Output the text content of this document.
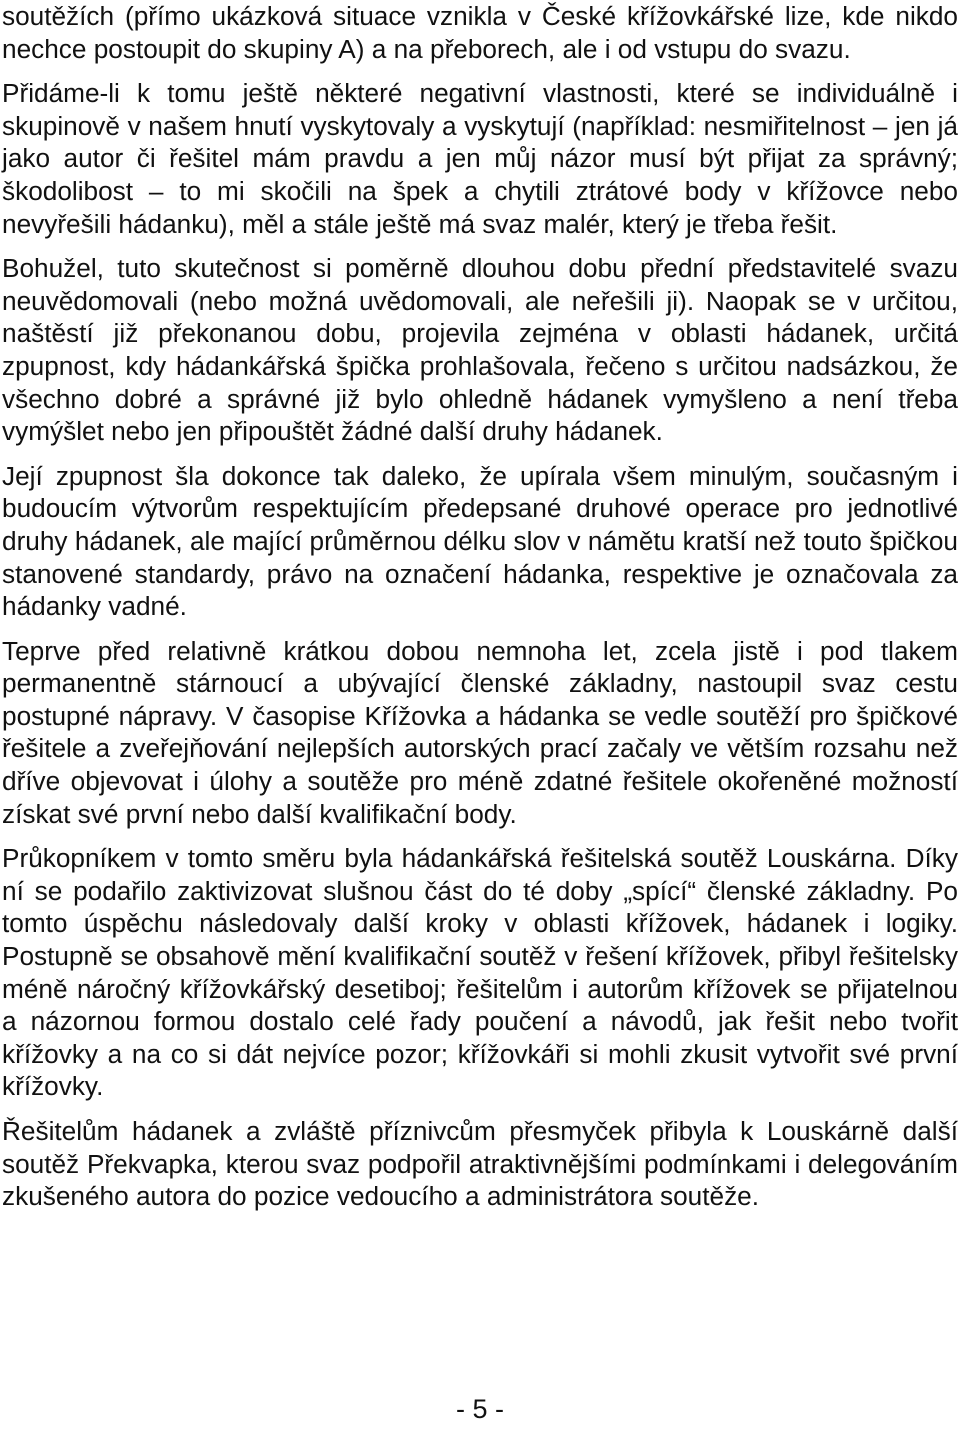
soutěžích (přímo ukázková situace vznikla v České křížovkářské lize, kde nikdo nechce postoupit do skupiny A) a na přeborech, ale i od vstupu do svazu.

Přidáme-li k tomu ještě některé negativní vlastnosti, které se individuálně i skupinově v našem hnutí vyskytovaly a vyskytují (například: nesmiřitelnost – jen já jako autor či řešitel mám pravdu a jen můj názor musí být přijat za správný; škodolibost – to mi skočili na špek a chytili ztrátové body v křížovce nebo nevyřešili hádanku), měl a stále ještě má svaz malér, který je třeba řešit.

Bohužel, tuto skutečnost si poměrně dlouhou dobu přední představitelé svazu neuvědomovali (nebo možná uvědomovali, ale neřešili ji). Naopak se v určitou, naštěstí již překonanou dobu, projevila zejména v oblasti hádanek, určitá zpupnost, kdy hádankářská špička prohlašovala, řečeno s určitou nadsázkou, že všechno dobré a správné již bylo ohledně hádanek vymyšleno a není třeba vymýšlet nebo jen připouštět žádné další druhy hádanek.

Její zpupnost šla dokonce tak daleko, že upírala všem minulým, současným i budoucím výtvorům respektujícím předepsané druhové operace pro jednotlivé druhy hádanek, ale mající průměrnou délku slov v námětu kratší než touto špičkou stanovené standardy, právo na označení hádanka, respektive je označovala za hádanky vadné.

Teprve před relativně krátkou dobou nemnoha let, zcela jistě i pod tlakem permanentně stárnoucí a ubývající členské základny, nastoupil svaz cestu postupné nápravy. V časopise Křížovka a hádanka se vedle soutěží pro špičkové řešitele a zveřejňování nejlepších autorských prací začaly ve větším rozsahu než dříve objevovat i úlohy a soutěže pro méně zdatné řešitele okořeněné možností získat své první nebo další kvalifikační body.

Průkopníkem v tomto směru byla hádankářská řešitelská soutěž Louskárna. Díky ní se podařilo zaktivizovat slušnou část do té doby „spící“ členské základny. Po tomto úspěchu následovaly další kroky v oblasti křížovek, hádanek i logiky. Postupně se obsahově mění kvalifikační soutěž v řešení křížovek, přibyl řešitelsky méně náročný křížovkářský desetiboj; řešitelům i autorům křížovek se přijatelnou a názornou formou dostalo celé řady poučení a návodů, jak řešit nebo tvořit křížovky a na co si dát nejvíce pozor; křížovkáři si mohli zkusit vytvořit své první křížovky.

Řešitelům hádanek a zvláště příznivcům přesmyček přibyla k Louskárně další soutěž Překvapka, kterou svaz podpořil atraktivnějšími podmínkami i delegováním zkušeného autora do pozice vedoucího a administrátora soutěže.

- 5 -
